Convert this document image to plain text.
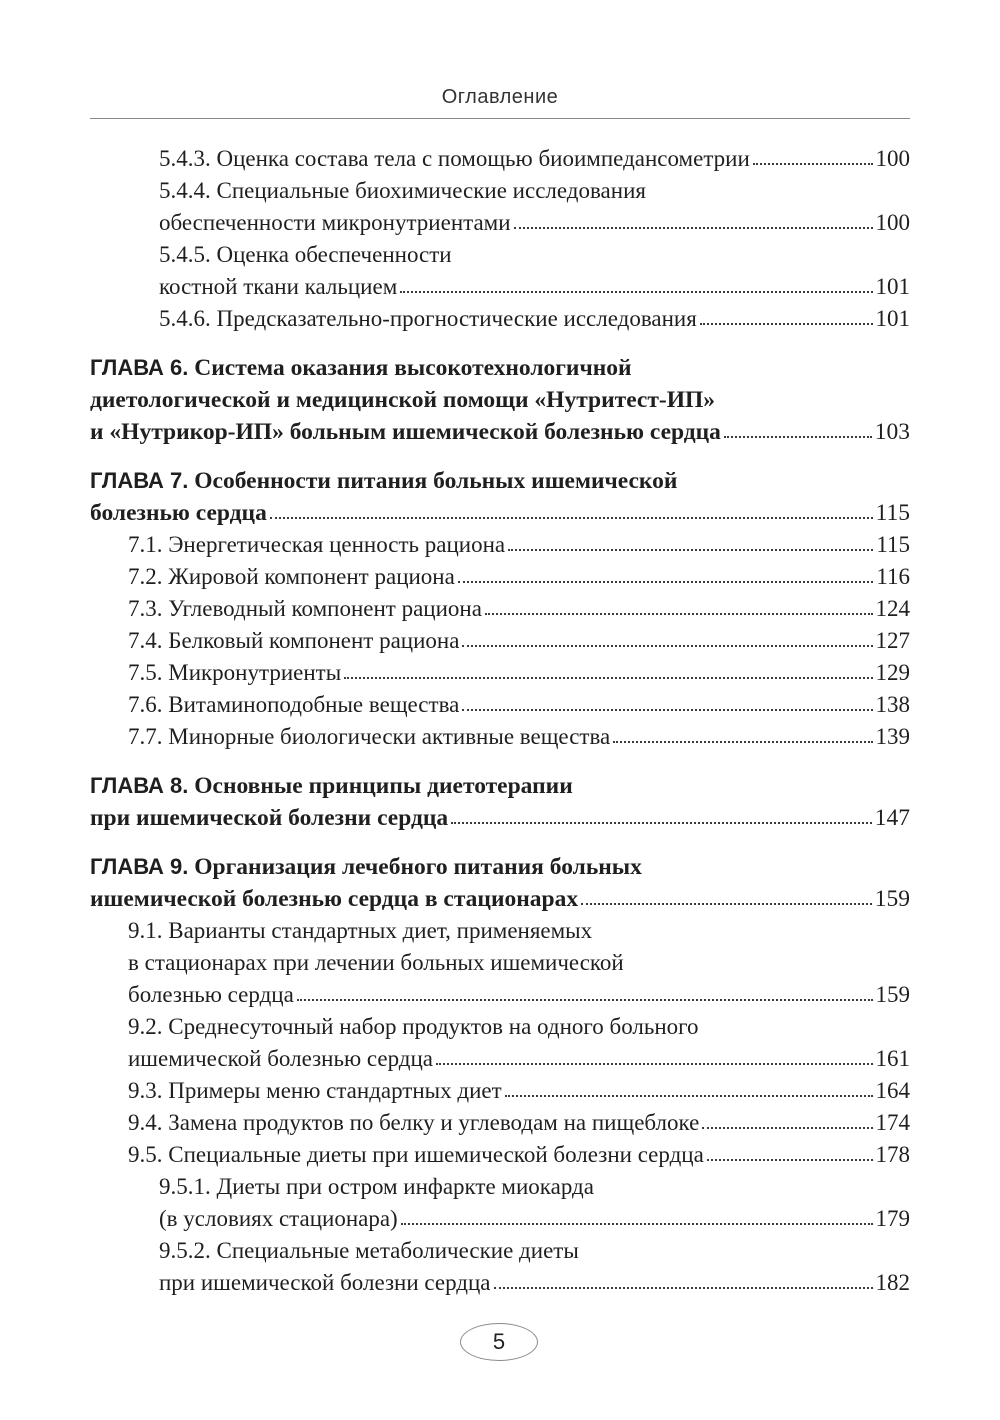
Оглавление
5.4.3. Оценка состава тела с помощью биоимпедансометрии	100
5.4.4. Специальные биохимические исследования
обеспеченности микронутриентами	100
5.4.5. Оценка обеспеченности
костной ткани кальцием	101
5.4.6. Предсказательно-прогностические исследования	101
ГЛАВА 6. Система оказания высокотехнологичной
диетологической и медицинской помощи «Нутритест-ИП»
и «Нутрикор-ИП» больным ишемической болезнью сердца	103
ГЛАВА 7. Особенности питания больных ишемической
болезнью сердца	115
7.1. Энергетическая ценность рациона	115
7.2. Жировой компонент рациона	116
7.3. Углеводный компонент рациона	124
7.4. Белковый компонент рациона	127
7.5. Микронутриенты	129
7.6. Витаминоподобные вещества	138
7.7. Минорные биологически активные вещества	139
ГЛАВА 8. Основные принципы диетотерапии
при ишемической болезни сердца	147
ГЛАВА 9. Организация лечебного питания больных
ишемической болезнью сердца в стационарах	159
9.1. Варианты стандартных диет, применяемых
в стационарах при лечении больных ишемической
болезнью сердца	159
9.2. Среднесуточный набор продуктов на одного больного
ишемической болезнью сердца	161
9.3. Примеры меню стандартных диет	164
9.4. Замена продуктов по белку и углеводам на пищеблоке	174
9.5. Специальные диеты при ишемической болезни сердца	178
9.5.1. Диеты при остром инфаркте миокарда
(в условиях стационара)	179
9.5.2. Специальные метаболические диеты
при ишемической болезни сердца	182
5
